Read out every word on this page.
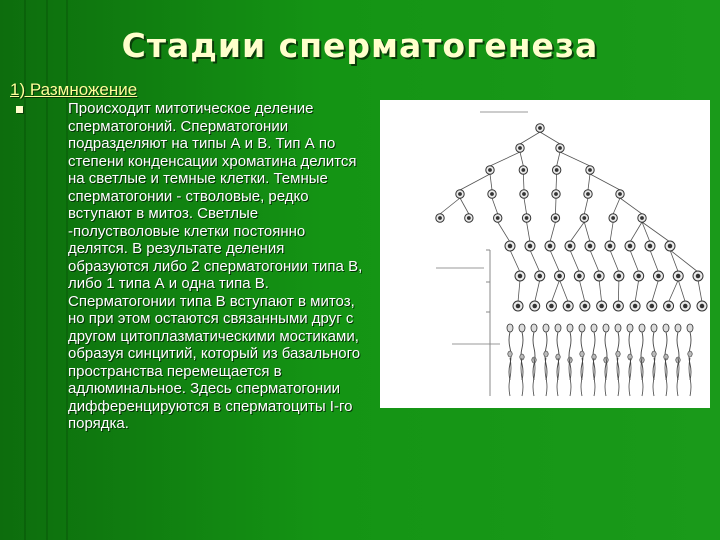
Стадии сперматогенеза
1) Размножение
Происходит митотическое деление сперматогоний. Сперматогонии подразделяют на типы А и В. Тип А по степени конденсации хроматина делится на светлые и темные клетки. Темные сперматогонии - стволовые, редко вступают в митоз. Светлые -полустволовые клетки постоянно делятся. В результате деления образуются либо 2 сперматогонии типа В, либо 1 типа А и одна типа В. Сперматогонии типа В вступают в митоз, но при этом остаются связанными друг с другом цитоплазматическими мостиками, образуя синцитий, который из базального пространства перемещается в адлюминальное. Здесь сперматогонии дифференцируются в сперматоциты I-го порядка.
